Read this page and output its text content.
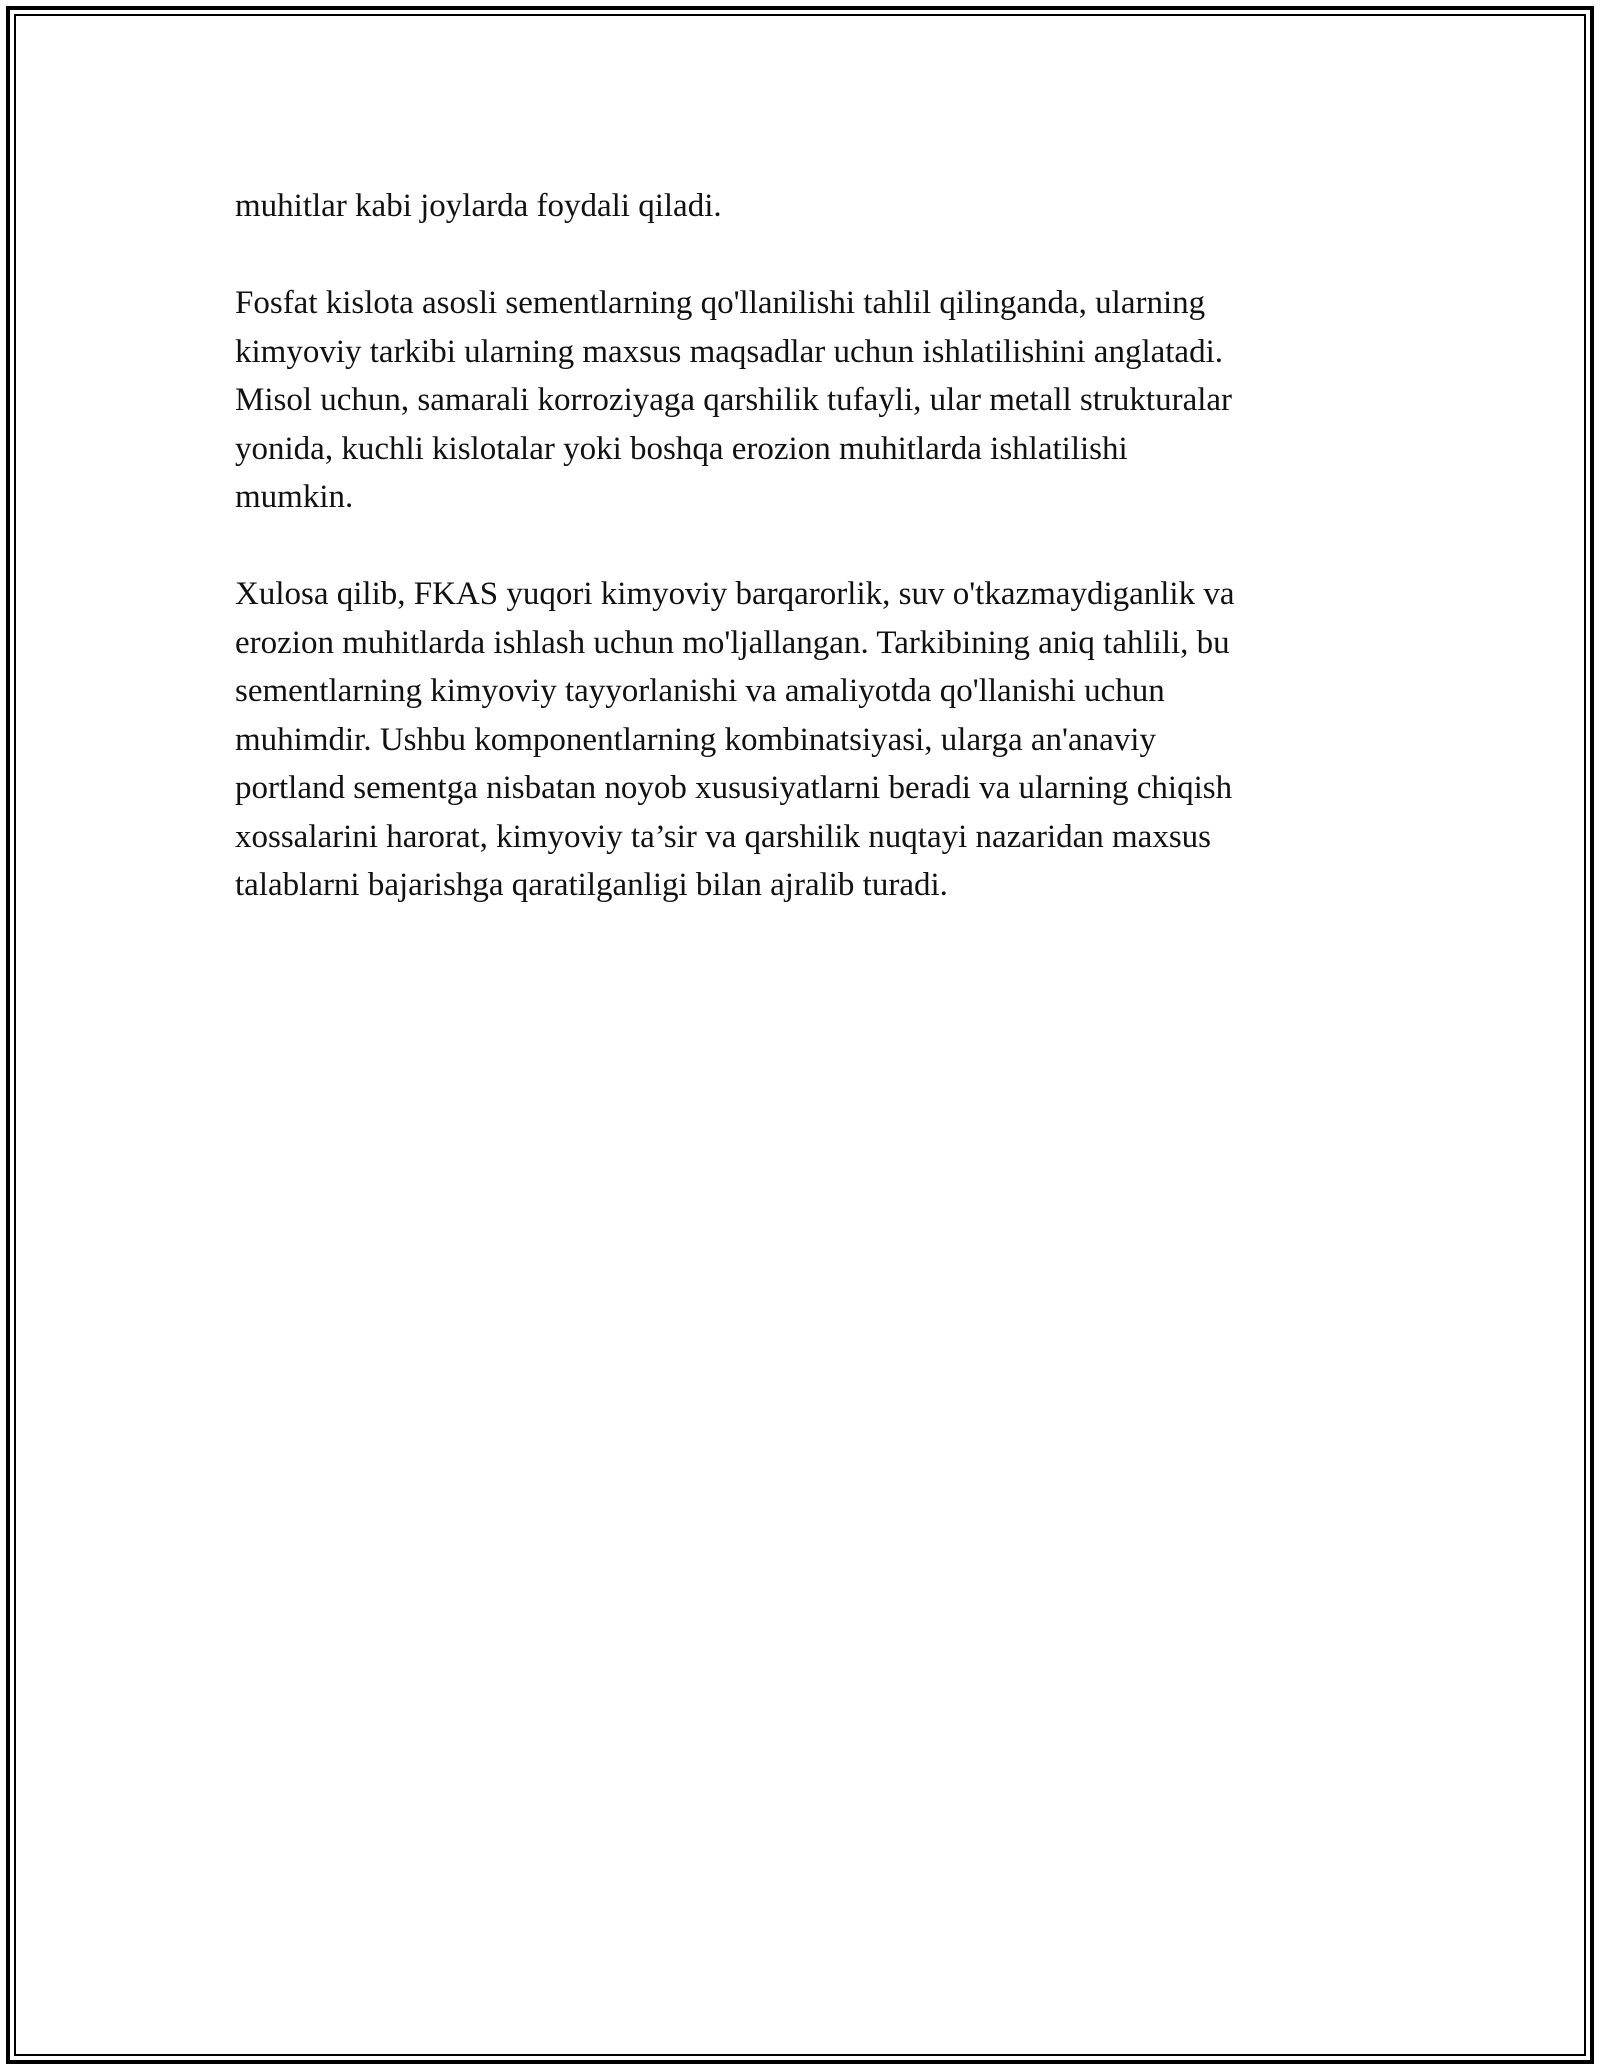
muhitlar kabi joylarda foydali qiladi.

Fosfat kislota asosli sementlarning qo'llanilishi tahlil qilinganda, ularning
kimyoviy tarkibi ularning maxsus maqsadlar uchun ishlatilishini anglatadi.
Misol uchun, samarali korroziyaga qarshilik tufayli, ular metall strukturalar
yonida, kuchli kislotalar yoki boshqa erozion muhitlarda ishlatilishi
mumkin.

Xulosa qilib, FKAS yuqori kimyoviy barqarorlik, suv o'tkazmaydiganlik va
erozion muhitlarda ishlash uchun mo'ljallangan. Tarkibining aniq tahlili, bu
sementlarning kimyoviy tayyorlanishi va amaliyotda qo'llanishi uchun
muhimdir. Ushbu komponentlarning kombinatsiyasi, ularga an'anaviy
portland sementga nisbatan noyob xususiyatlarni beradi va ularning chiqish
xossalarini harorat, kimyoviy ta’sir va qarshilik nuqtayi nazaridan maxsus
talablarni bajarishga qaratilganligi bilan ajralib turadi.
